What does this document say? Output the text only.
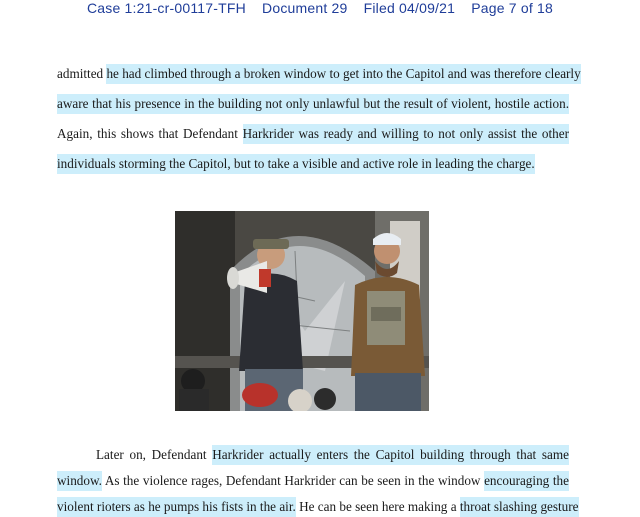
Case 1:21-cr-00117-TFH Document 29 Filed 04/09/21 Page 7 of 18
admitted he had climbed through a broken window to get into the Capitol and was therefore clearly
aware that his presence in the building not only unlawful but the result of violent, hostile action.
Again, this shows that Defendant Harkrider was ready and willing to not only assist the other
individuals storming the Capitol, but to take a visible and active role in leading the charge.
Later on, Defendant Harkrider actually enters the Capitol building through that same
window. As the violence rages, Defendant Harkrider can be seen in the window encouraging the
violent rioters as he pumps his fists in the air. He can be seen here making a throat slashing gesture
